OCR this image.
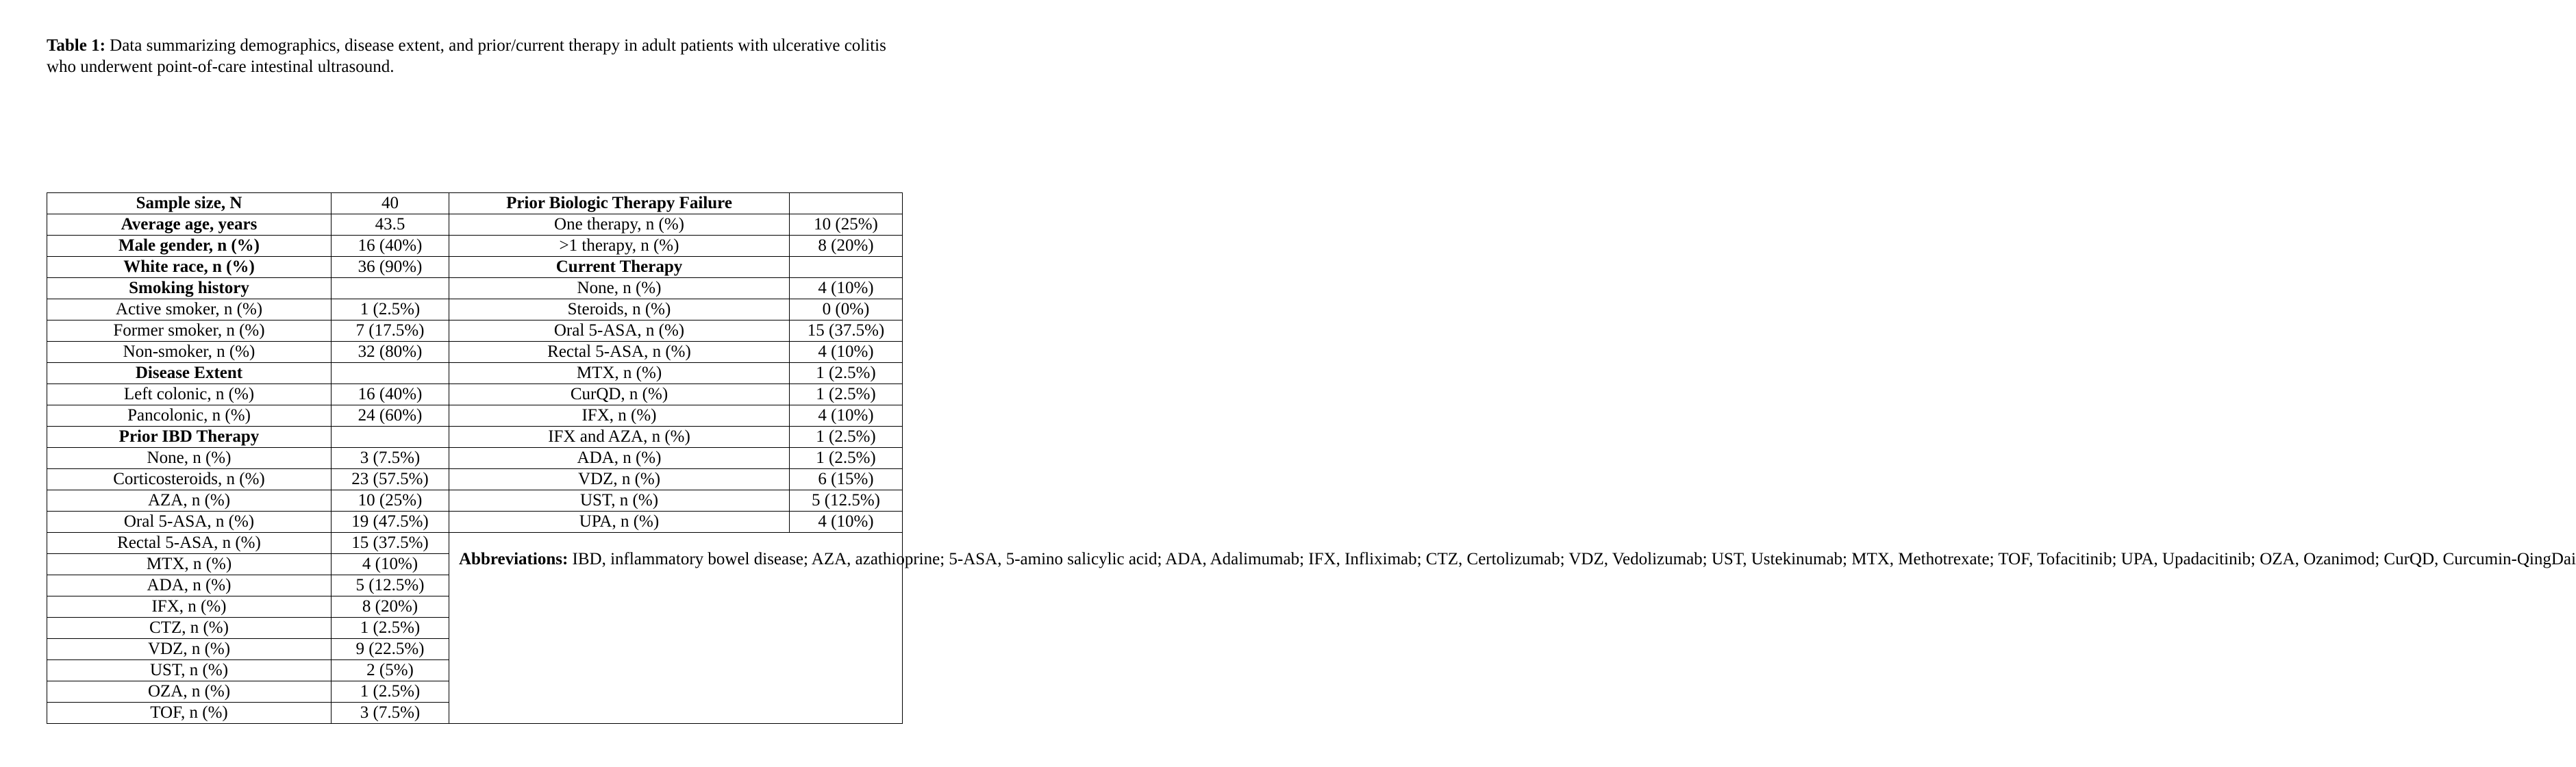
Table 1: Data summarizing demographics, disease extent, and prior/current therapy in adult patients with ulcerative colitis who underwent point-of-care intestinal ultrasound.
Sample size, N	40	Prior Biologic Therapy Failure	
Average age, years	43.5	One therapy, n (%)	10 (25%)
Male gender, n (%)	16 (40%)	>1 therapy, n (%)	8 (20%)
White race, n (%)	36 (90%)	Current Therapy	
Smoking history		None, n (%)	4 (10%)
Active smoker, n (%)	1 (2.5%)	Steroids, n (%)	0 (0%)
Former smoker, n (%)	7 (17.5%)	Oral 5-ASA, n (%)	15 (37.5%)
Non-smoker, n (%)	32 (80%)	Rectal 5-ASA, n (%)	4 (10%)
Disease Extent		MTX, n (%)	1 (2.5%)
Left colonic, n (%)	16 (40%)	CurQD, n (%)	1 (2.5%)
Pancolonic, n (%)	24 (60%)	IFX, n (%)	4 (10%)
Prior IBD Therapy		IFX and AZA, n (%)	1 (2.5%)
None, n (%)	3 (7.5%)	ADA, n (%)	1 (2.5%)
Corticosteroids, n (%)	23 (57.5%)	VDZ, n (%)	6 (15%)
AZA, n (%)	10 (25%)	UST, n (%)	5 (12.5%)
Oral 5-ASA, n (%)	19 (47.5%)	UPA, n (%)	4 (10%)
Rectal 5-ASA, n (%)	15 (37.5%)	Abbreviations: IBD, inflammatory bowel disease; AZA, azathioprine; 5-ASA, 5-amino salicylic acid; ADA, Adalimumab; IFX, Infliximab; CTZ, Certolizumab; VDZ, Vedolizumab; UST, Ustekinumab; MTX, Methotrexate; TOF, Tofacitinib; UPA, Upadacitinib; OZA, Ozanimod; CurQD, Curcumin-QingDai	

MTX, n (%)	4 (10%)		
ADA, n (%)	5 (12.5%)		
IFX, n (%)	8 (20%)		
CTZ, n (%)	1 (2.5%)		
VDZ, n (%)	9 (22.5%)		
UST, n (%)	2 (5%)		
OZA, n (%)	1 (2.5%)		
TOF, n (%)	3 (7.5%)		
